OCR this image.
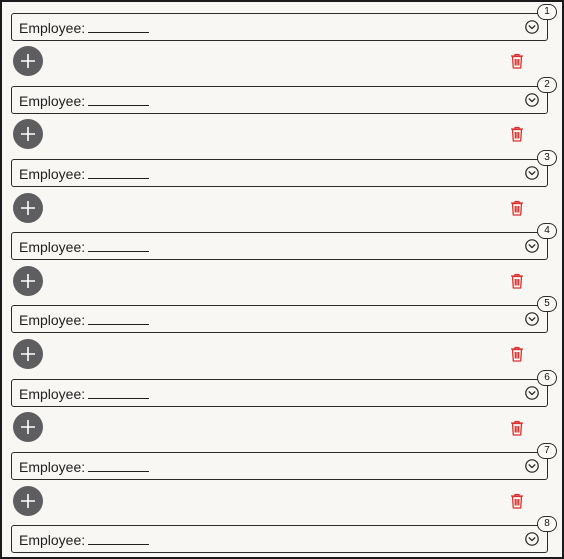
Employee:
1
Employee:
2
Employee:
3
Employee:
4
Employee:
5
Employee:
6
Employee:
7
Employee:
8
